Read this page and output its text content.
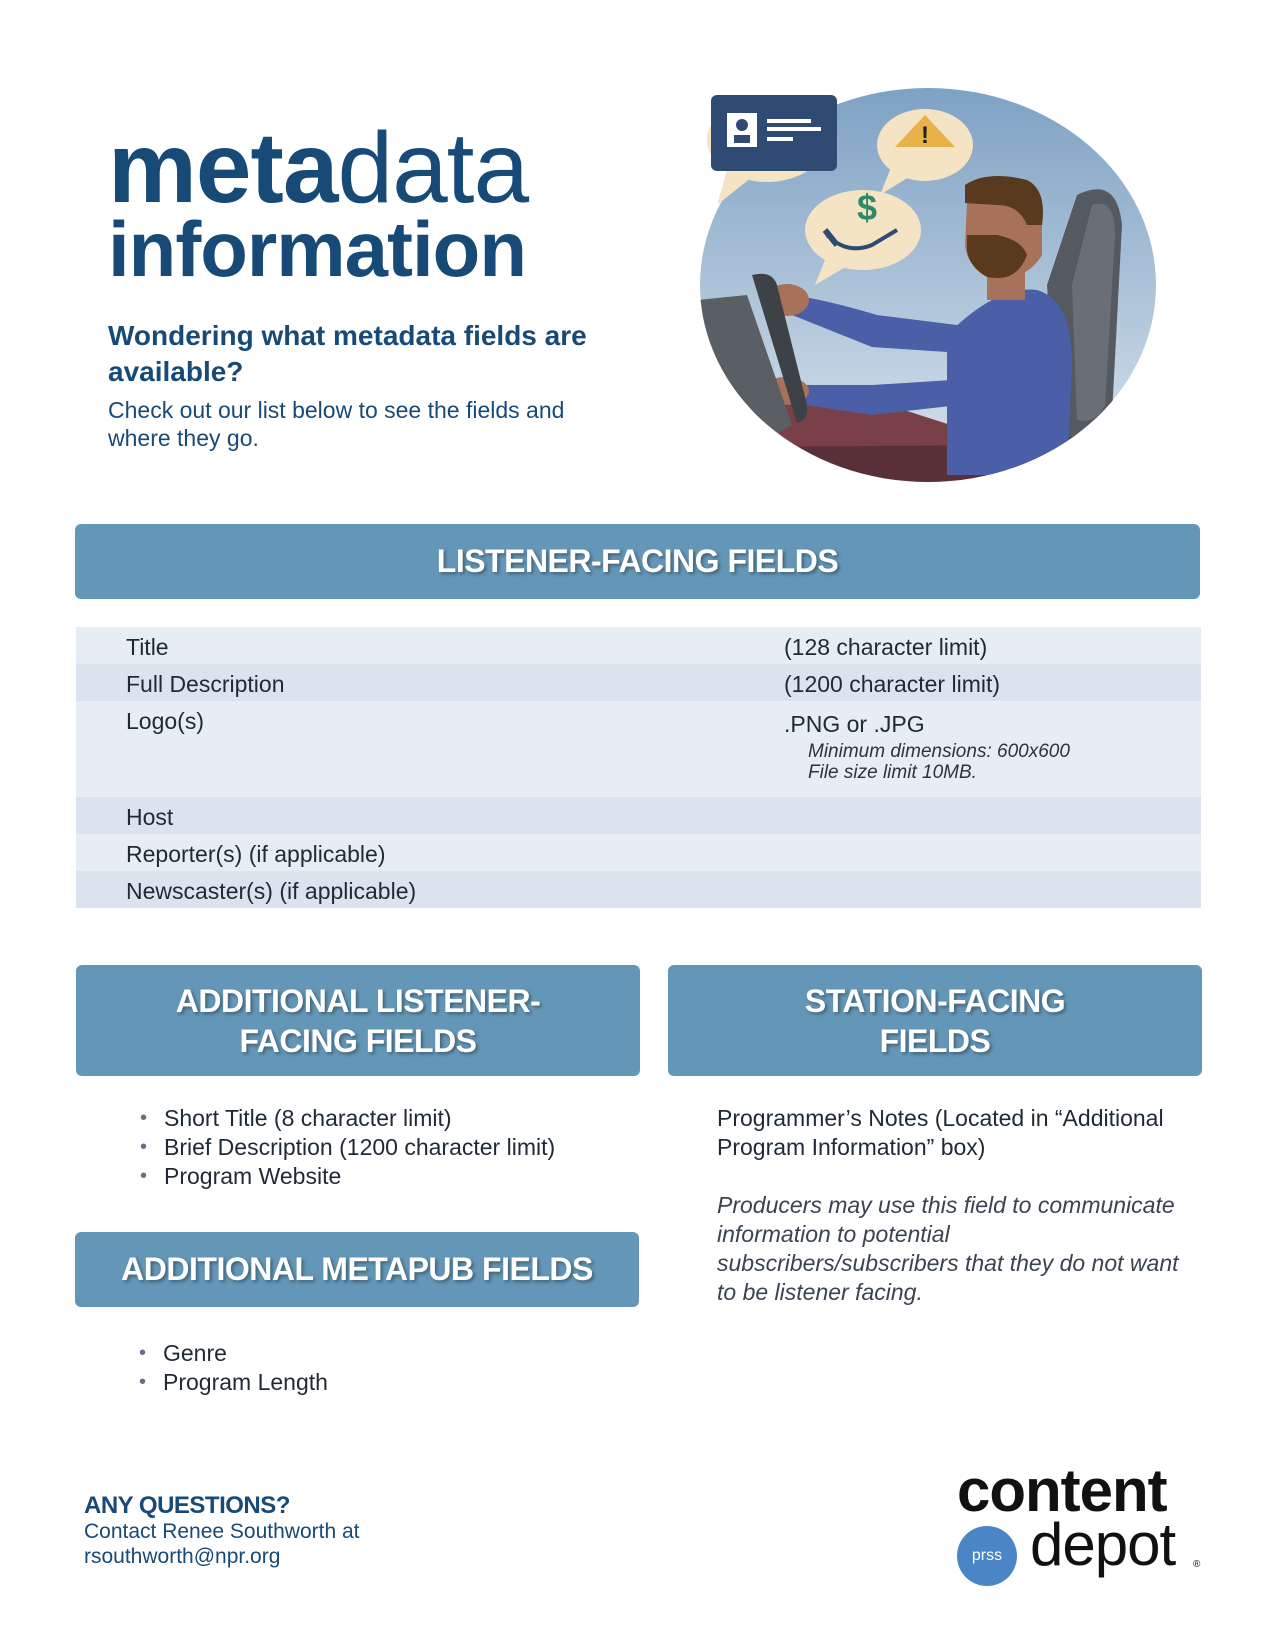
metadata
information
Wondering what metadata fields are available?
Check out our list below to see the fields and where they go.
!
$
LISTENER-FACING FIELDS
Title	(128 character limit)
Full Description	(1200 character limit)
Logo(s)	.PNG or .JPG
Minimum dimensions: 600x600
File size limit 10MB.
Host
Reporter(s) (if applicable)
Newscaster(s) (if applicable)
ADDITIONAL LISTENER-
FACING FIELDS
• Short Title (8 character limit)
• Brief Description (1200 character limit)
• Program Website
STATION-FACING
FIELDS
Programmer’s Notes (Located in “Additional Program Information” box)
Producers may use this field to communicate information to potential subscribers/subscribers that they do not want to be listener facing.
ADDITIONAL METAPUB FIELDS
• Genre
• Program Length
ANY QUESTIONS?
Contact Renee Southworth at
rsouthworth@npr.org
content
prss depot ®
